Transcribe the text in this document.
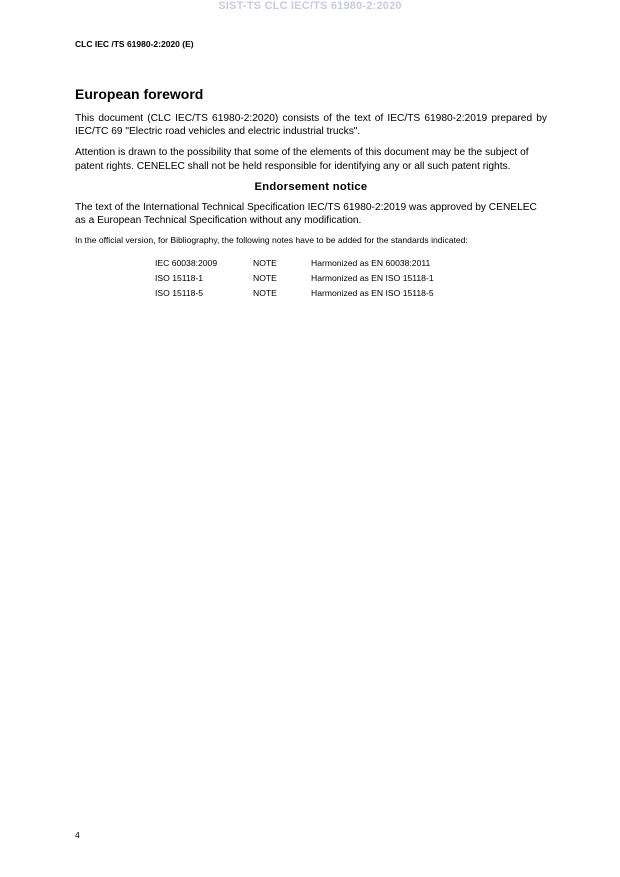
SIST-TS CLC IEC/TS 61980-2:2020
CLC IEC /TS 61980-2:2020 (E)
European foreword

This document (CLC IEC/TS 61980-2:2020) consists of the text of IEC/TS 61980-2:2019 prepared by IEC/TC 69 "Electric road vehicles and electric industrial trucks".

Attention is drawn to the possibility that some of the elements of this document may be the subject of patent rights. CENELEC shall not be held responsible for identifying any or all such patent rights.

Endorsement notice

The text of the International Technical Specification IEC/TS 61980-2:2019 was approved by CENELEC as a European Technical Specification without any modification.

In the official version, for Bibliography, the following notes have to be added for the standards indicated:

IEC 60038:2009	NOTE	Harmonized as EN 60038:2011
ISO 15118-1	NOTE	Harmonized as EN ISO 15118-1
ISO 15118-5	NOTE	Harmonized as EN ISO 15118-5
4
